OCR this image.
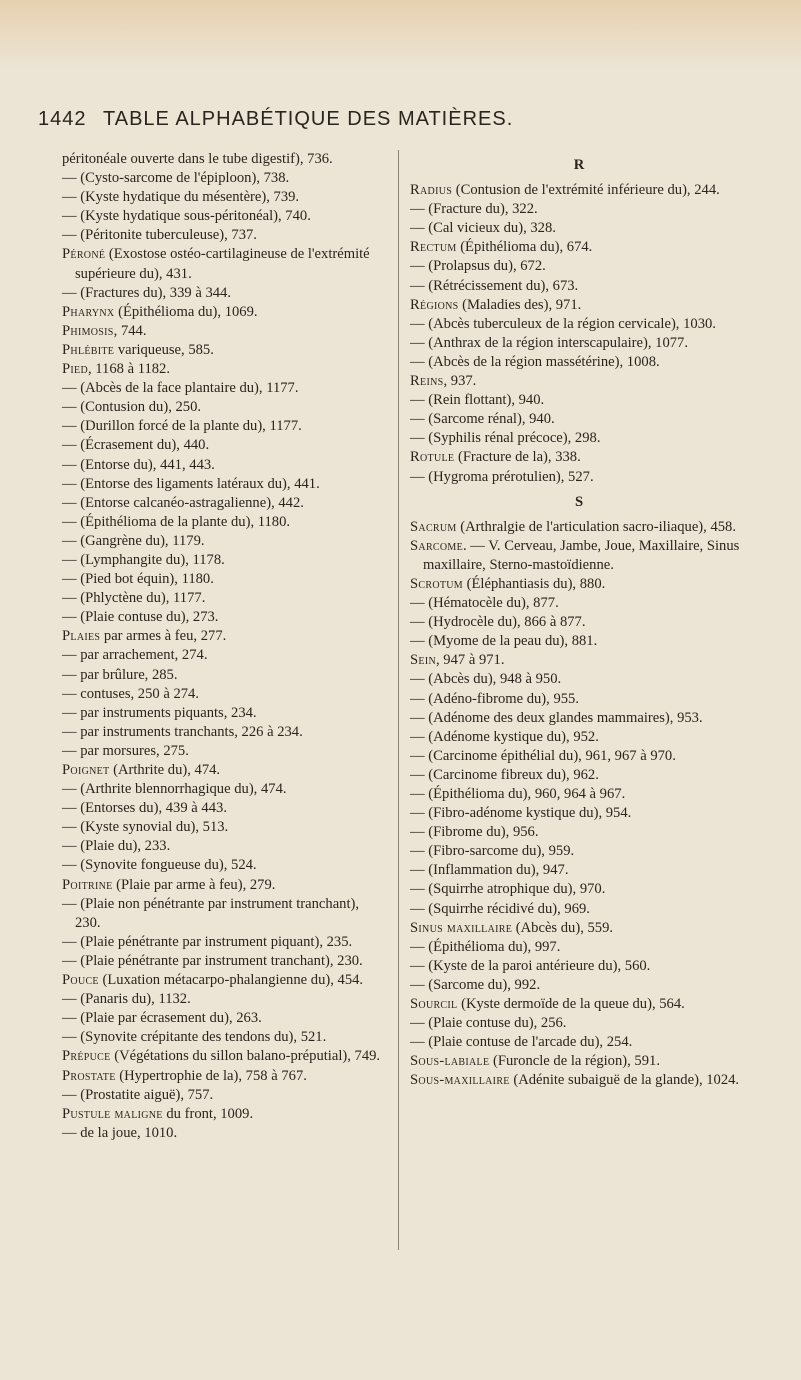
1442 TABLE ALPHABÉTIQUE DES MATIÈRES.

péritonéale ouverte dans le tube digestif), 736.

— (Cysto-sarcome de l'épiploon), 738.

— (Kyste hydatique du mésentère), 739.

— (Kyste hydatique sous-péritonéal), 740.

— (Péritonite tuberculeuse), 737.

Péroné (Exostose ostéo-cartilagineuse de l'extrémité supérieure du), 431.

— (Fractures du), 339 à 344.

Pharynx (Épithélioma du), 1069.

Phimosis, 744.

Phlébite variqueuse, 585.

Pied, 1168 à 1182.

— (Abcès de la face plantaire du), 1177.

— (Contusion du), 250.

— (Durillon forcé de la plante du), 1177.

— (Écrasement du), 440.

— (Entorse du), 441, 443.

— (Entorse des ligaments latéraux du), 441.

— (Entorse calcanéo-astragalienne), 442.

— (Épithélioma de la plante du), 1180.

— (Gangrène du), 1179.

— (Lymphangite du), 1178.

— (Pied bot équin), 1180.

— (Phlyctène du), 1177.

— (Plaie contuse du), 273.

Plaies par armes à feu, 277.

— par arrachement, 274.

— par brûlure, 285.

— contuses, 250 à 274.

— par instruments piquants, 234.

— par instruments tranchants, 226 à 234.

— par morsures, 275.

Poignet (Arthrite du), 474.

— (Arthrite blennorrhagique du), 474.

— (Entorses du), 439 à 443.

— (Kyste synovial du), 513.

— (Plaie du), 233.

— (Synovite fongueuse du), 524.

Poitrine (Plaie par arme à feu), 279.

— (Plaie non pénétrante par instrument tranchant), 230.

— (Plaie pénétrante par instrument piquant), 235.

— (Plaie pénétrante par instrument tranchant), 230.

Pouce (Luxation métacarpo-phalangienne du), 454.

— (Panaris du), 1132.

— (Plaie par écrasement du), 263.

— (Synovite crépitante des tendons du), 521.

Prépuce (Végétations du sillon balano-préputial), 749.

Prostate (Hypertrophie de la), 758 à 767.

— (Prostatite aiguë), 757.

Pustule maligne du front, 1009.

— de la joue, 1010.

R

Radius (Contusion de l'extrémité inférieure du), 244.

— (Fracture du), 322.

— (Cal vicieux du), 328.

Rectum (Épithélioma du), 674.

— (Prolapsus du), 672.

— (Rétrécissement du), 673.

Régions (Maladies des), 971.

— (Abcès tuberculeux de la région cervicale), 1030.

— (Anthrax de la région interscapulaire), 1077.

— (Abcès de la région massétérine), 1008.

Reins, 937.

— (Rein flottant), 940.

— (Sarcome rénal), 940.

— (Syphilis rénal précoce), 298.

Rotule (Fracture de la), 338.

— (Hygroma prérotulien), 527.

S

Sacrum (Arthralgie de l'articulation sacro-iliaque), 458.

Sarcome. — V. Cerveau, Jambe, Joue, Maxillaire, Sinus maxillaire, Sterno-mastoïdienne.

Scrotum (Éléphantiasis du), 880.

— (Hématocèle du), 877.

— (Hydrocèle du), 866 à 877.

— (Myome de la peau du), 881.

Sein, 947 à 971.

— (Abcès du), 948 à 950.

— (Adéno-fibrome du), 955.

— (Adénome des deux glandes mammaires), 953.

— (Adénome kystique du), 952.

— (Carcinome épithélial du), 961, 967 à 970.

— (Carcinome fibreux du), 962.

— (Épithélioma du), 960, 964 à 967.

— (Fibro-adénome kystique du), 954.

— (Fibrome du), 956.

— (Fibro-sarcome du), 959.

— (Inflammation du), 947.

— (Squirrhe atrophique du), 970.

— (Squirrhe récidivé du), 969.

Sinus maxillaire (Abcès du), 559.

— (Épithélioma du), 997.

— (Kyste de la paroi antérieure du), 560.

— (Sarcome du), 992.

Sourcil (Kyste dermoïde de la queue du), 564.

— (Plaie contuse du), 256.

— (Plaie contuse de l'arcade du), 254.

Sous-labiale (Furoncle de la région), 591.

Sous-maxillaire (Adénite subaiguë de la glande), 1024.
